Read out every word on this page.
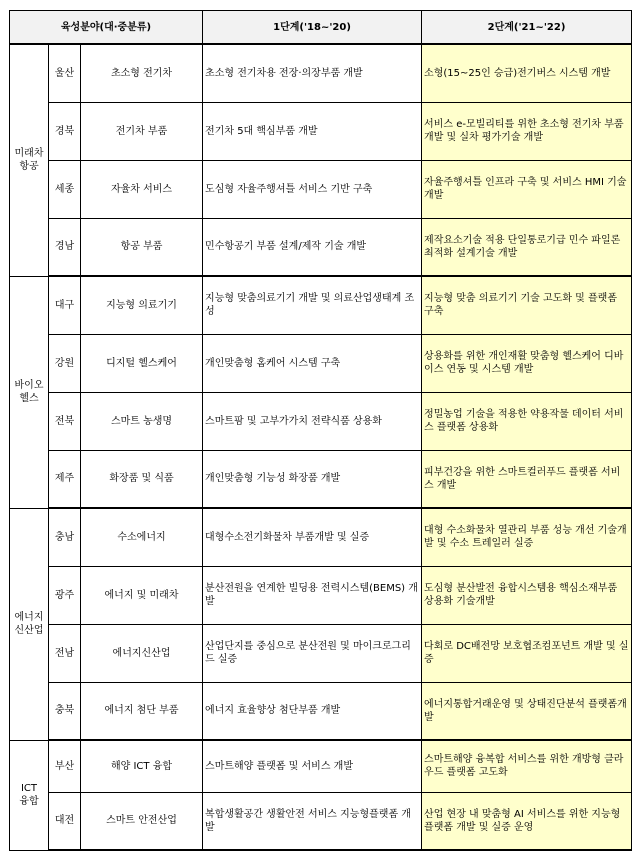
육성분야(대·중분류)			1단계('18~'20)	2단계('21~'22)

미래차
항공	울산	초소형 전기차	초소형 전기차용 전장·의장부품 개발	소형(15~25인 승급)전기버스 시스템 개발
	경북	전기차 부품	전기차 5대 핵심부품 개발	서비스 e-모빌리티를 위한 초소형 전기차 부품개발 및 실차 평가기술 개발
	세종	자율차 서비스	도심형 자율주행셔틀 서비스 기반 구축	자율주행셔틀 인프라 구축 및 서비스 HMI 기술개발
	경남	항공 부품	민수항공기 부품 설계/제작 기술 개발	제작요소기술 적용 단일통로기급 민수 파일론 최적화 설계기술 개발

바이오
헬스	대구	지능형 의료기기	지능형 맞춤의료기기 개발 및 의료산업생태계 조성	지능형 맞춤 의료기기 기술 고도화 및 플랫폼 구축
	강원	디지털 헬스케어	개인맞춤형 홈케어 시스템 구축	상용화를 위한 개인재활 맞춤형 헬스케어 디바이스 연동 및 시스템 개발
	전북	스마트 농생명	스마트팜 및 고부가가치 전략식품 상용화	정밀농업 기술을 적용한 약용작물 데이터 서비스 플랫폼 상용화
	제주	화장품 및 식품	개인맞춤형 기능성 화장품 개발	피부건강을 위한 스마트컬러푸드 플랫폼 서비스 개발

에너지
신산업	충남	수소에너지	대형수소전기화물차 부품개발 및 실증	대형 수소화물차 열관리 부품 성능 개선 기술개발 및 수소 트레일러 실증
	광주	에너지 및 미래차	분산전원을 연계한 빌딩용 전력시스템(BEMS) 개발	도심형 분산발전 융합시스템용 핵심소재부품 상용화 기술개발
	전남	에너지신산업	산업단지를 중심으로 분산전원 및 마이크로그리드 실증	다회로 DC배전망 보호협조컴포넌트 개발 및 실증
	충북	에너지 첨단 부품	에너지 효율향상 첨단부품 개발	에너지통합거래운영 및 상태진단분석 플랫폼개발

ICT
융합	부산	해양 ICT 융합	스마트해양 플랫폼 및 서비스 개발	스마트해양 융복합 서비스를 위한 개방형 클라우드 플랫폼 고도화
	대전	스마트 안전산업	복합생활공간 생활안전 서비스 지능형플랫폼 개발	산업 현장 내 맞춤형 AI 서비스를 위한 지능형 플랫폼 개발 및 실증 운영
